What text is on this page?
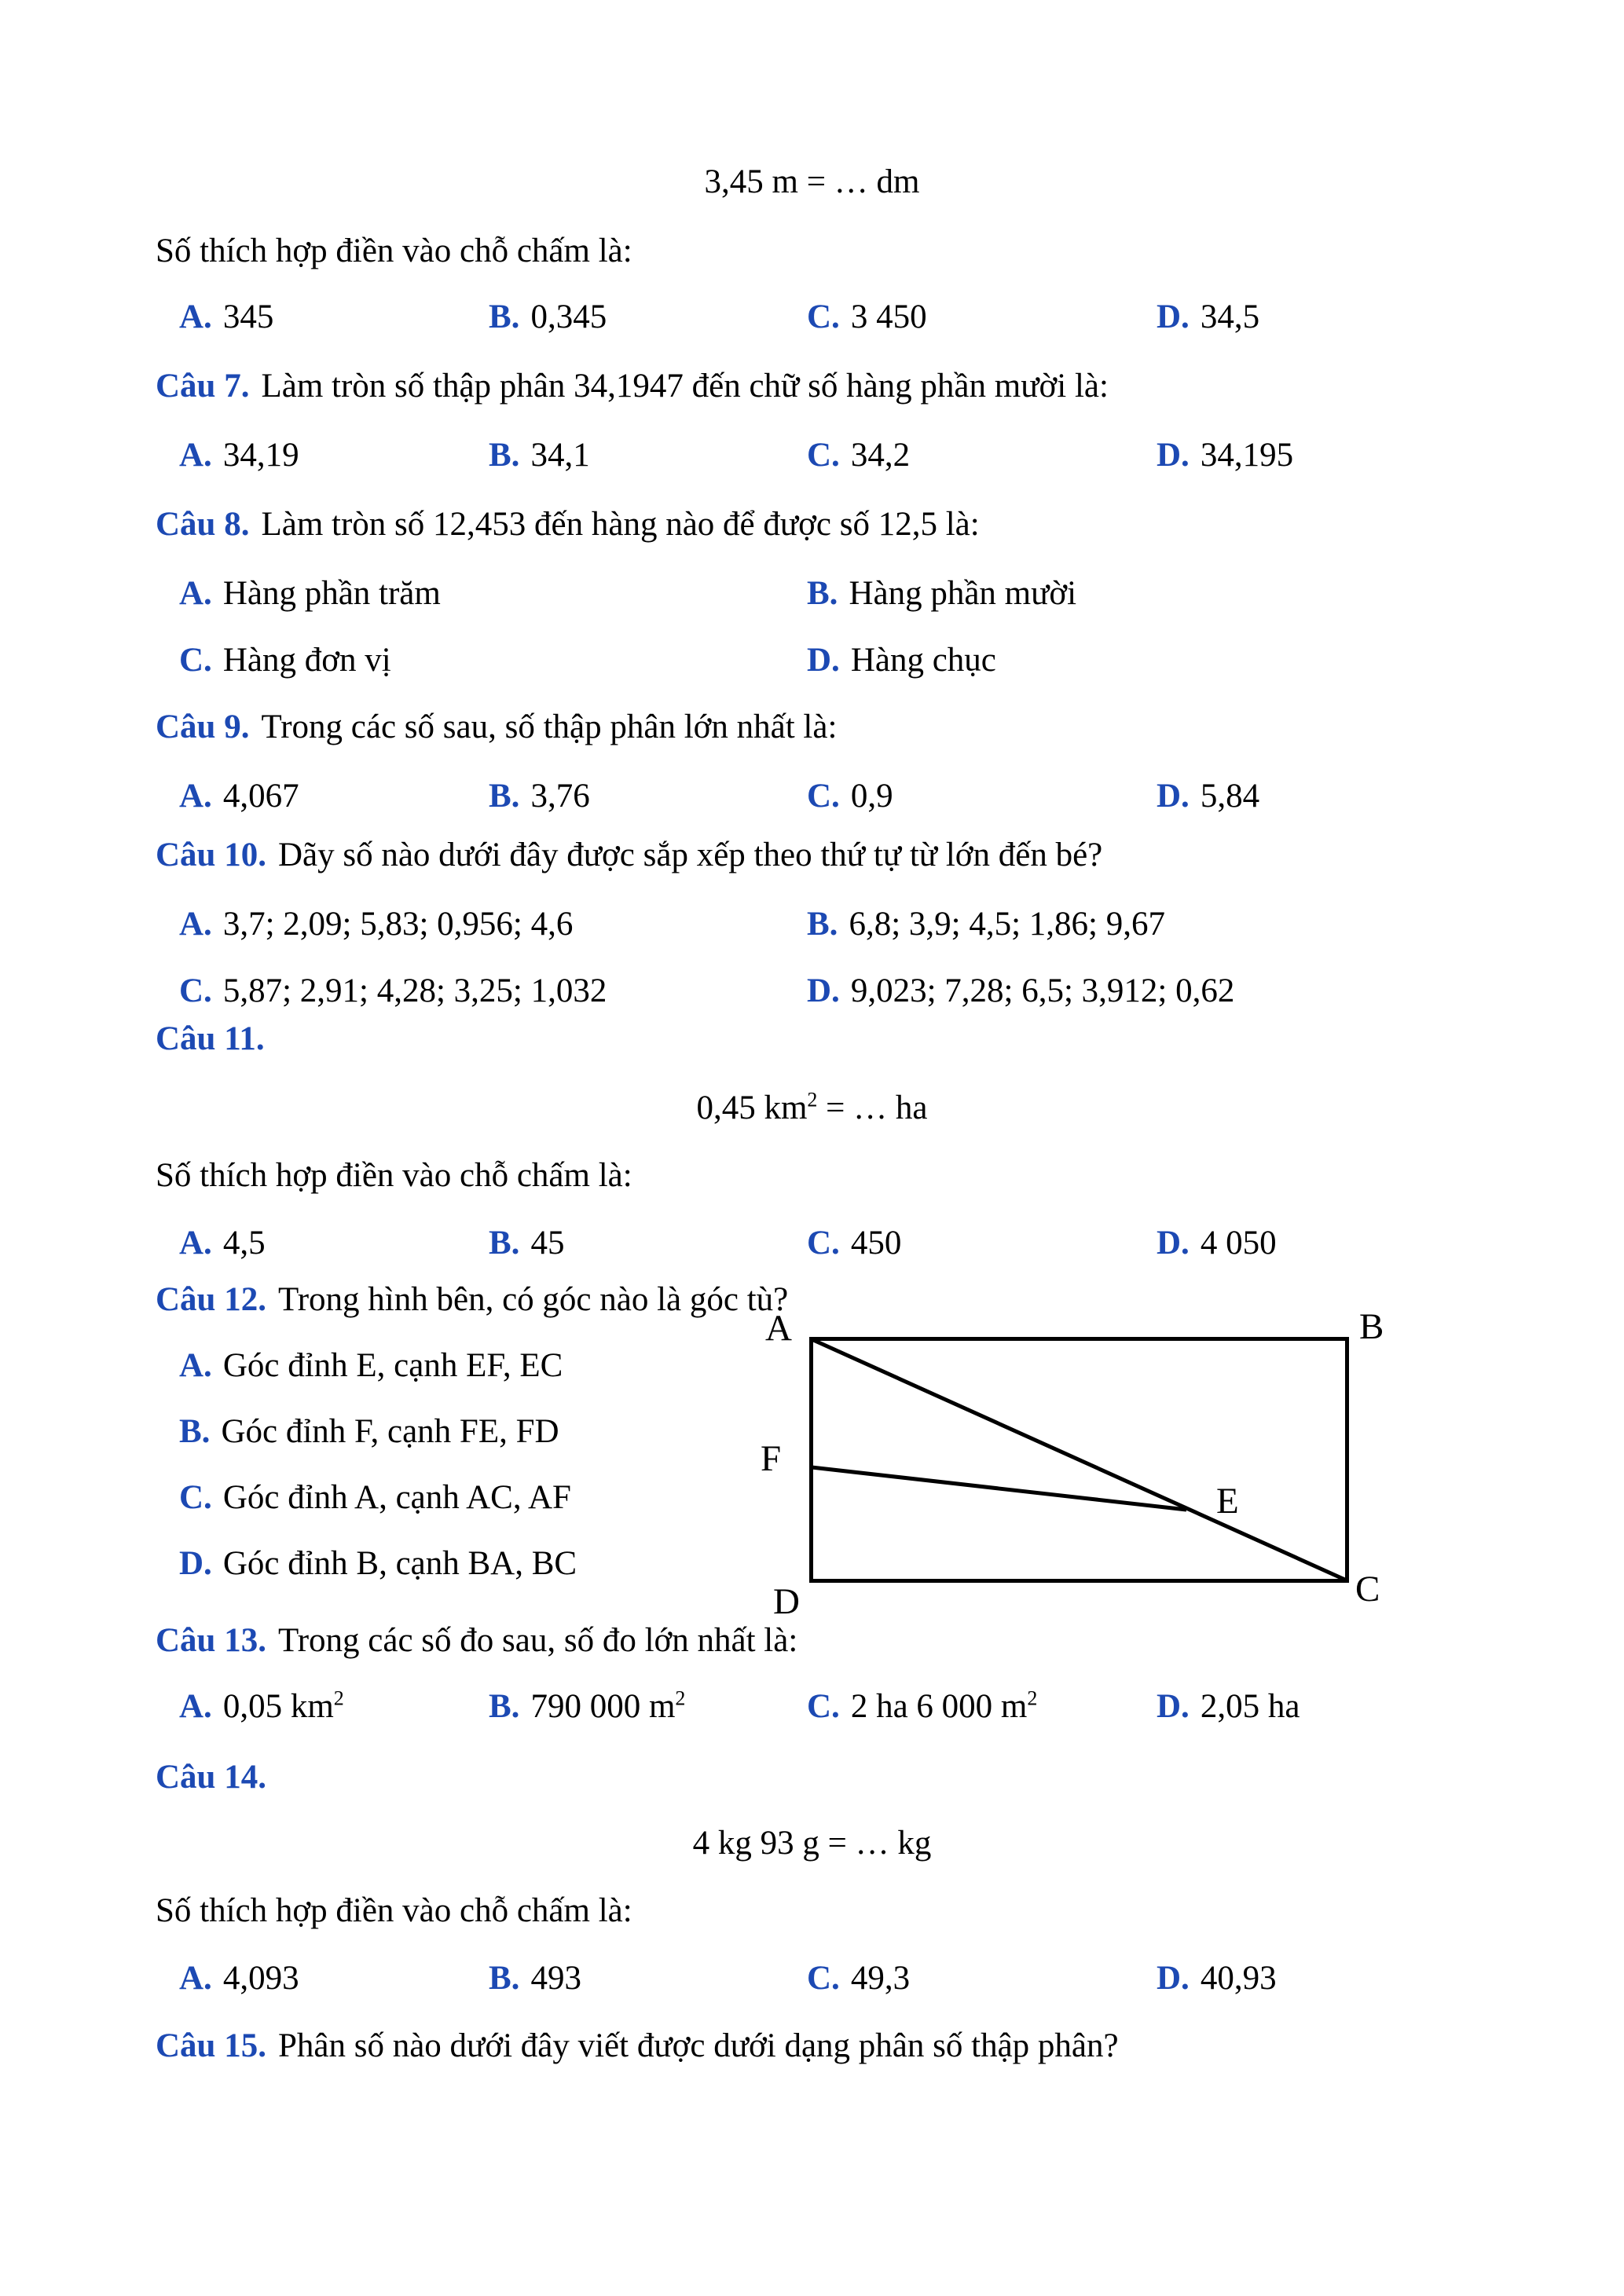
3,45 m = … dm
Số thích hợp điền vào chỗ chấm là:
A. 345	B. 0,345	C. 3 450	D. 34,5
Câu 7. Làm tròn số thập phân 34,1947 đến chữ số hàng phần mười là:
A. 34,19	B. 34,1	C. 34,2	D. 34,195
Câu 8. Làm tròn số 12,453 đến hàng nào để được số 12,5 là:
A. Hàng phần trăm	B. Hàng phần mười
C. Hàng đơn vị	D. Hàng chục
Câu 9. Trong các số sau, số thập phân lớn nhất là:
A. 4,067	B. 3,76	C. 0,9	D. 5,84
Câu 10. Dãy số nào dưới đây được sắp xếp theo thứ tự từ lớn đến bé?
A. 3,7; 2,09; 5,83; 0,956; 4,6	B. 6,8; 3,9; 4,5; 1,86; 9,67
C. 5,87; 2,91; 4,28; 3,25; 1,032	D. 9,023; 7,28; 6,5; 3,912; 0,62
Câu 11.
0,45 $km^2$ = … ha
Số thích hợp điền vào chỗ chấm là:
A. 4,5	B. 45	C. 450	D. 4 050
Câu 12. Trong hình bên, có góc nào là góc tù?
A. Góc đỉnh E, cạnh EF, EC
B. Góc đỉnh F, cạnh FE, FD
C. Góc đỉnh A, cạnh AC, AF
D. Góc đỉnh B, cạnh BA, BC
A	B
F
E
D	C
Câu 13. Trong các số đo sau, số đo lớn nhất là:
A. 0,05 $km^2$	B. 790 000 $m^2$	C. 2 ha 6 000 $m^2$	D. 2,05 ha
Câu 14.
4 kg 93 g = … kg
Số thích hợp điền vào chỗ chấm là:
A. 4,093	B. 493	C. 49,3	D. 40,93
Câu 15. Phân số nào dưới đây viết được dưới dạng phân số thập phân?
